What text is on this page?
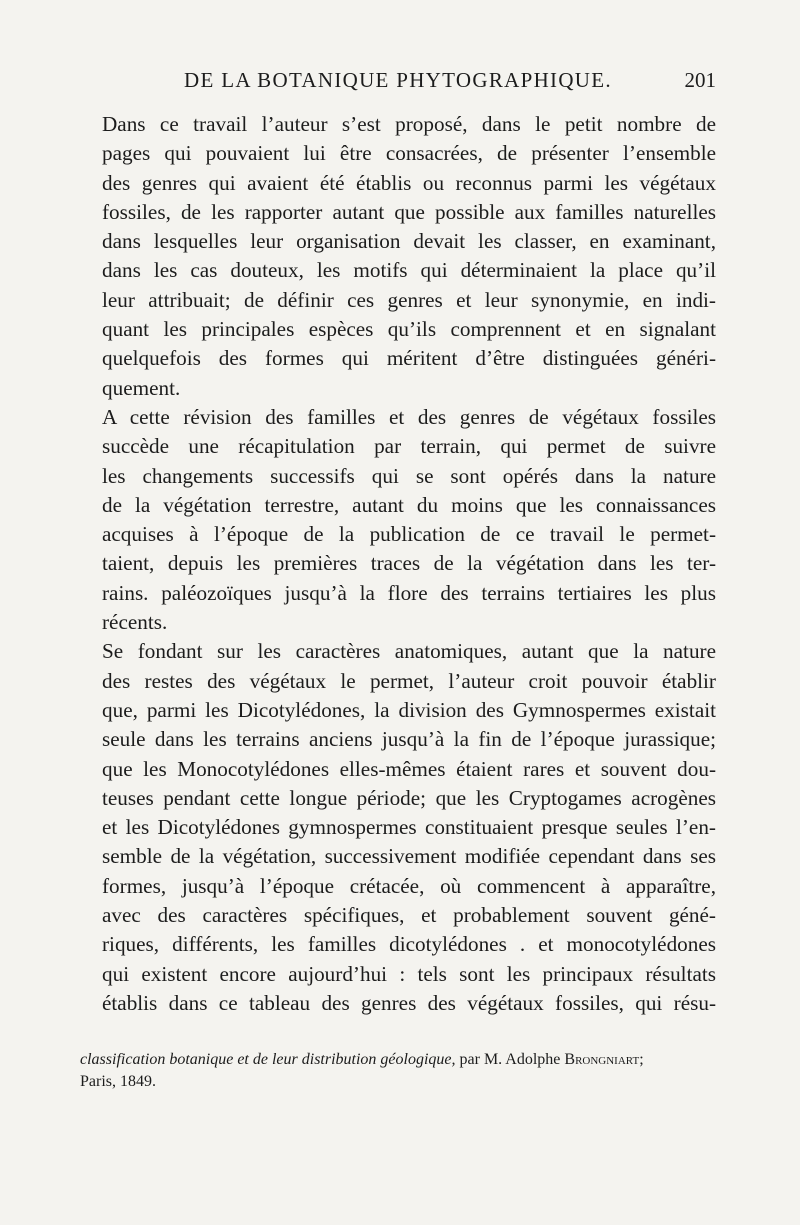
DE LA BOTANIQUE PHYTOGRAPHIQUE.	201

Dans ce travail l’auteur s’est proposé, dans le petit nombre de
pages qui pouvaient lui être consacrées, de présenter l’ensemble
des genres qui avaient été établis ou reconnus parmi les végétaux
fossiles, de les rapporter autant que possible aux familles naturelles
dans lesquelles leur organisation devait les classer, en examinant,
dans les cas douteux, les motifs qui déterminaient la place qu’il
leur attribuait; de définir ces genres et leur synonymie, en indi-
quant les principales espèces qu’ils comprennent et en signalant
quelquefois des formes qui méritent d’être distinguées généri-
quement.

A cette révision des familles et des genres de végétaux fossiles
succède une récapitulation par terrain, qui permet de suivre
les changements successifs qui se sont opérés dans la nature
de la végétation terrestre, autant du moins que les connaissances
acquises à l’époque de la publication de ce travail le permet-
taient, depuis les premières traces de la végétation dans les ter-
rains. paléozoïques jusqu’à la flore des terrains tertiaires les plus
récents.

Se fondant sur les caractères anatomiques, autant que la nature
des restes des végétaux le permet, l’auteur croit pouvoir établir
que, parmi les Dicotylédones, la division des Gymnospermes existait
seule dans les terrains anciens jusqu’à la fin de l’époque jurassique;
que les Monocotylédones elles-mêmes étaient rares et souvent dou-
teuses pendant cette longue période; que les Cryptogames acrogènes
et les Dicotylédones gymnospermes constituaient presque seules l’en-
semble de la végétation, successivement modifiée cependant dans ses
formes, jusqu’à l’époque crétacée, où commencent à apparaître,
avec des caractères spécifiques, et probablement souvent géné-
riques, différents, les familles dicotylédones . et monocotylédones
qui existent encore aujourd’hui : tels sont les principaux résultats
établis dans ce tableau des genres des végétaux fossiles, qui résu-

classification botanique et de leur distribution géologique, par M. Adolphe Brongniart;
Paris, 1849.
